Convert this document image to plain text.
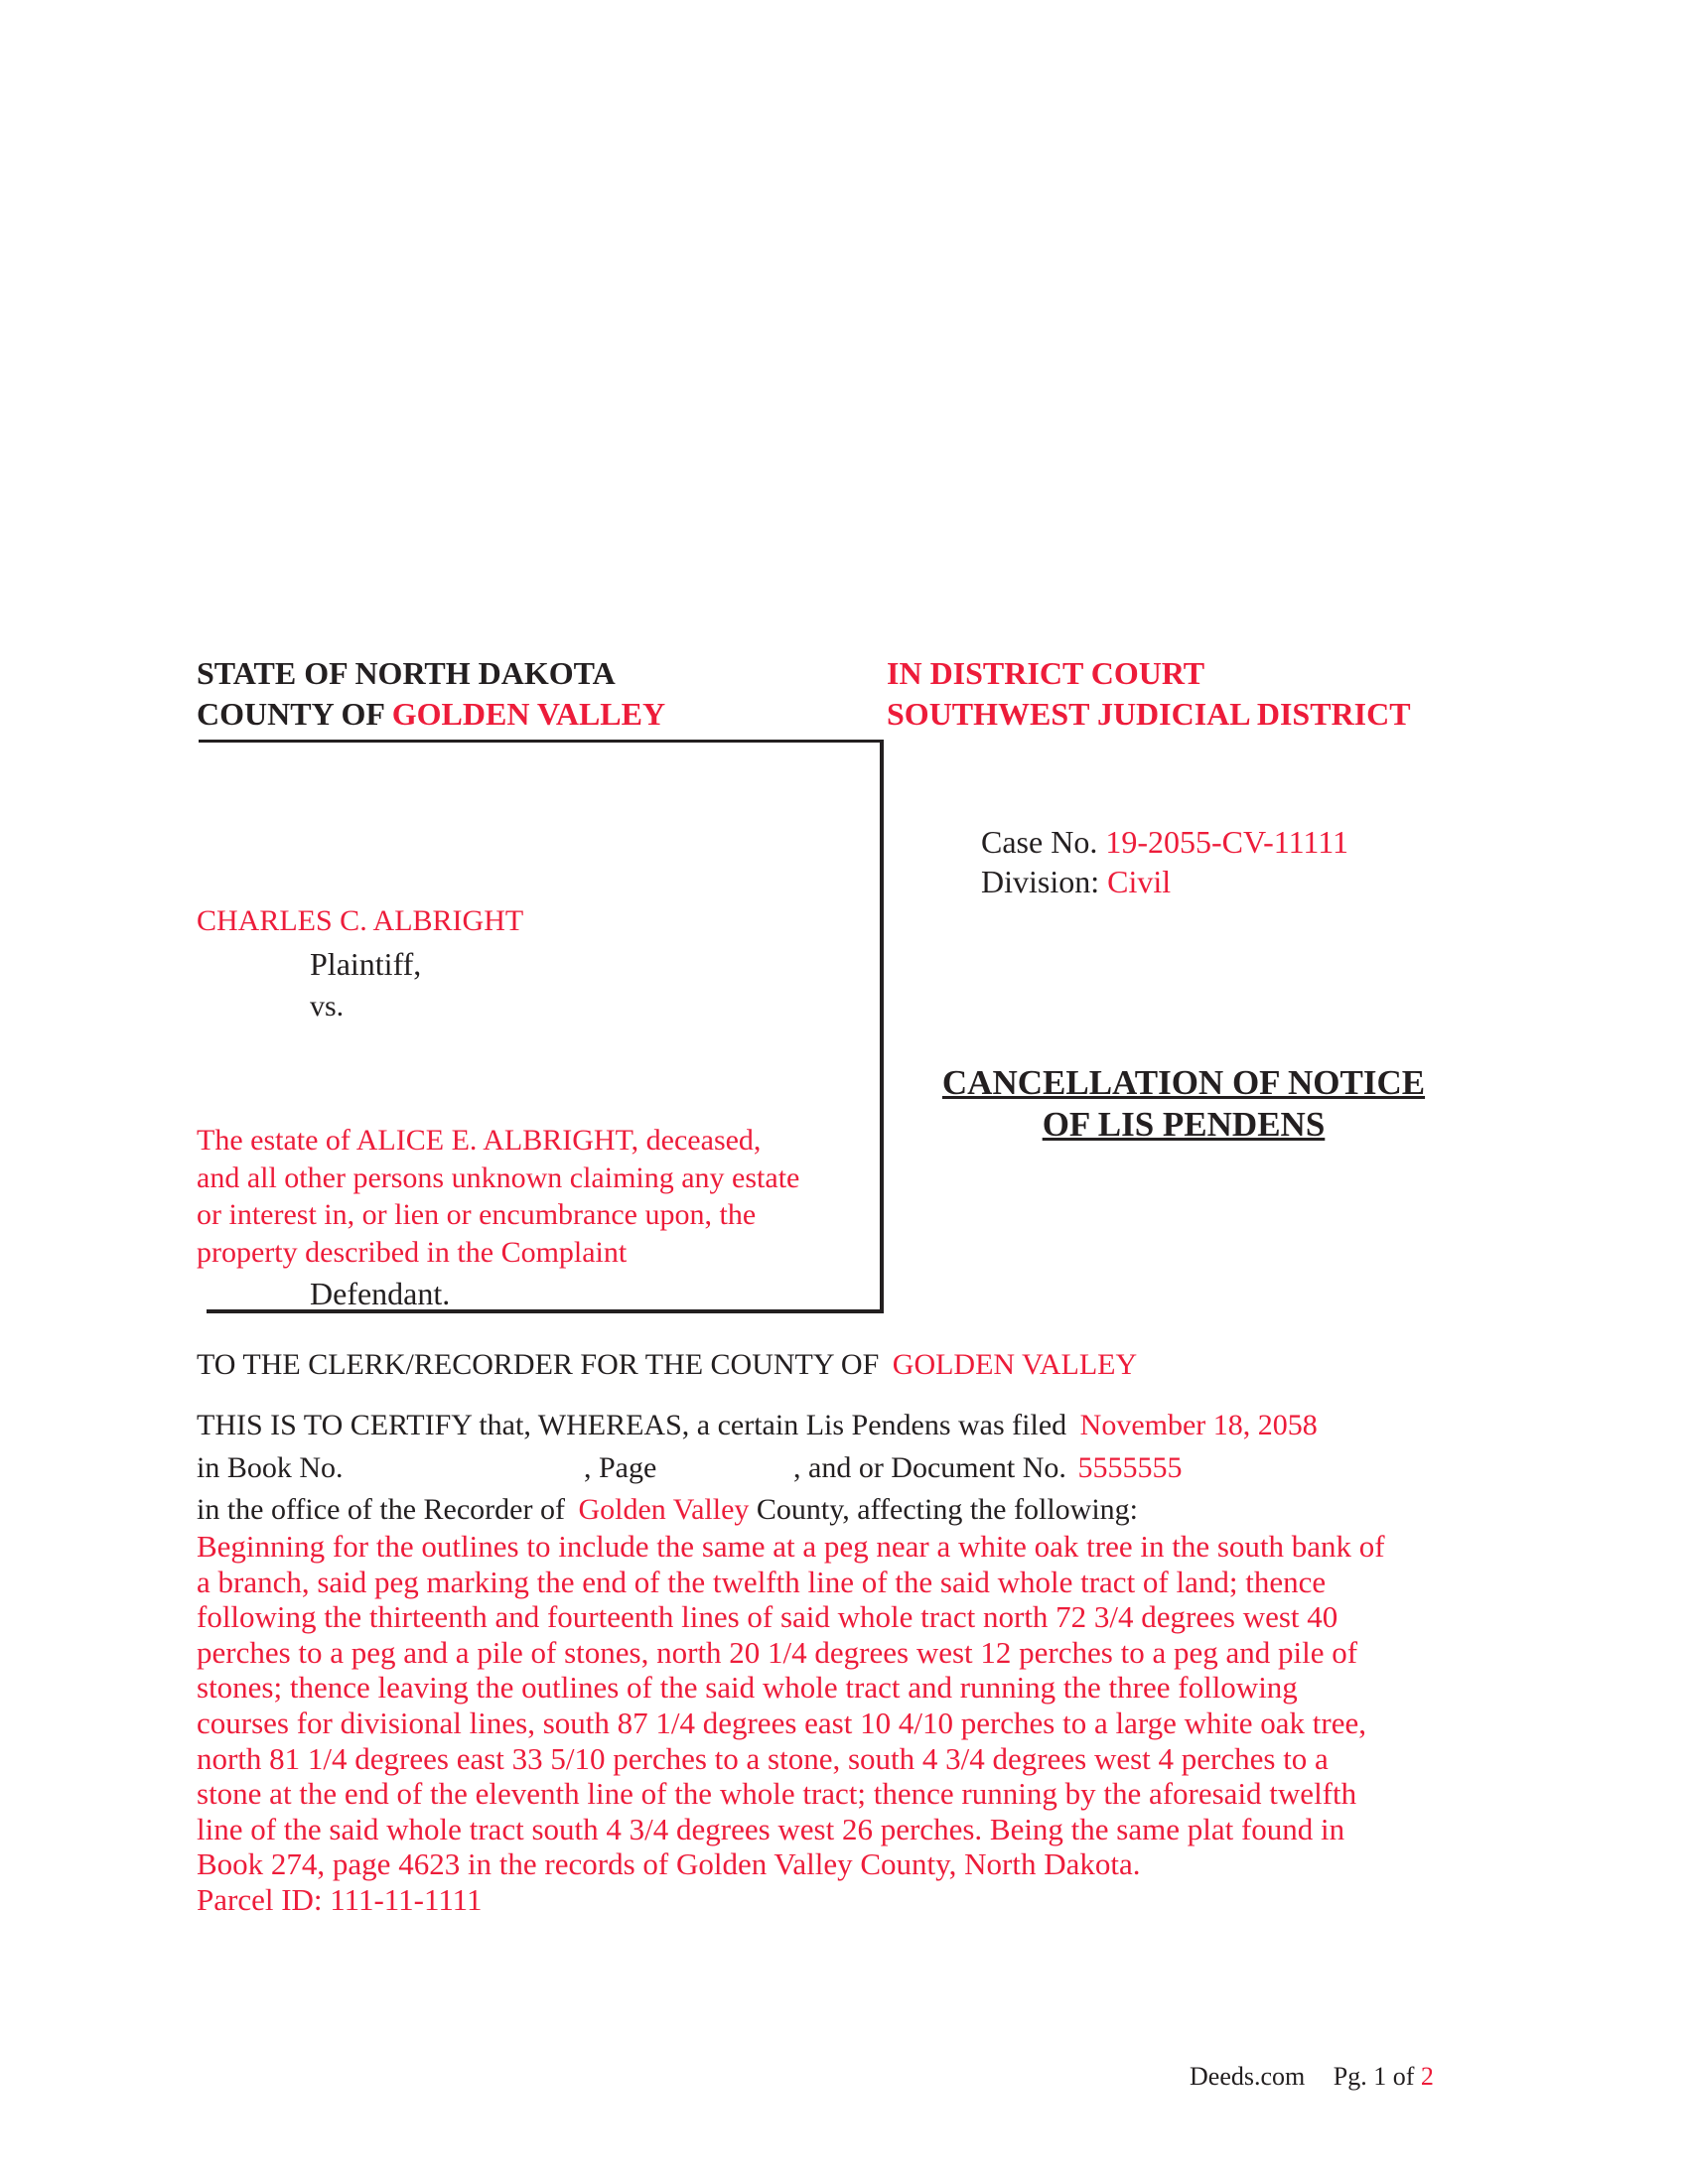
STATE OF NORTH DAKOTA
COUNTY OF GOLDEN VALLEY
IN DISTRICT COURT
SOUTHWEST JUDICIAL DISTRICT
Case No. 19-2055-CV-11111
Division: Civil
CHARLES C. ALBRIGHT
Plaintiff,
vs.
The estate of ALICE E. ALBRIGHT, deceased,
and all other persons unknown claiming any estate
or interest in, or lien or encumbrance upon, the
property described in the Complaint
Defendant.
CANCELLATION OF NOTICE
OF LIS PENDENS
TO THE CLERK/RECORDER FOR THE COUNTY OF GOLDEN VALLEY
THIS IS TO CERTIFY that, WHEREAS, a certain Lis Pendens was filed November 18, 2058
in Book No.	, Page	, and or Document No. 5555555
in the office of the Recorder of Golden Valley County, affecting the following:
Beginning for the outlines to include the same at a peg near a white oak tree in the south bank of
a branch, said peg marking the end of the twelfth line of the said whole tract of land; thence
following the thirteenth and fourteenth lines of said whole tract north 72 3/4 degrees west 40
perches to a peg and a pile of stones, north 20 1/4 degrees west 12 perches to a peg and pile of
stones; thence leaving the outlines of the said whole tract and running the three following
courses for divisional lines, south 87 1/4 degrees east 10 4/10 perches to a large white oak tree,
north 81 1/4 degrees east 33 5/10 perches to a stone, south 4 3/4 degrees west 4 perches to a
stone at the end of the eleventh line of the whole tract; thence running by the aforesaid twelfth
line of the said whole tract south 4 3/4 degrees west 26 perches. Being the same plat found in
Book 274, page 4623 in the records of Golden Valley County, North Dakota.
Parcel ID: 111-11-1111
Deeds.com Pg. 1 of 2
